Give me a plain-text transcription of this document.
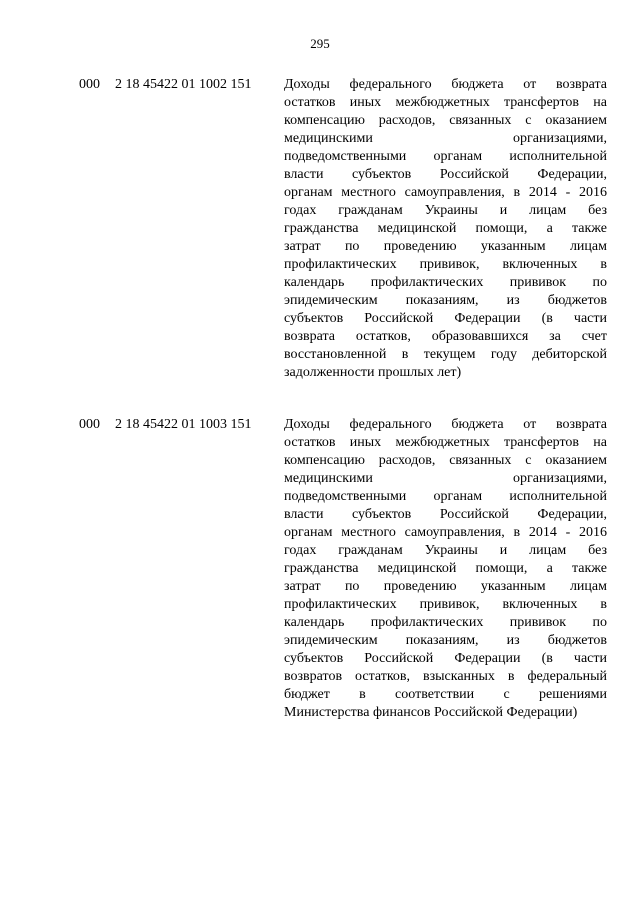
295
000 2 18 45422 01 1002 151 Доходы федерального бюджета от возврата
остатков иных межбюджетных трансфертов на
компенсацию расходов, связанных с оказанием
медицинскими организациями,
подведомственными органам исполнительной
власти субъектов Российской Федерации,
органам местного самоуправления, в 2014 - 2016
годах гражданам Украины и лицам без
гражданства медицинской помощи, а также
затрат по проведению указанным лицам
профилактических прививок, включенных в
календарь профилактических прививок по
эпидемическим показаниям, из бюджетов
субъектов Российской Федерации (в части
возврата остатков, образовавшихся за счет
восстановленной в текущем году дебиторской
задолженности прошлых лет)

000 2 18 45422 01 1003 151 Доходы федерального бюджета от возврата
остатков иных межбюджетных трансфертов на
компенсацию расходов, связанных с оказанием
медицинскими организациями,
подведомственными органам исполнительной
власти субъектов Российской Федерации,
органам местного самоуправления, в 2014 - 2016
годах гражданам Украины и лицам без
гражданства медицинской помощи, а также
затрат по проведению указанным лицам
профилактических прививок, включенных в
календарь профилактических прививок по
эпидемическим показаниям, из бюджетов
субъектов Российской Федерации (в части
возвратов остатков, взысканных в федеральный
бюджет в соответствии с решениями
Министерства финансов Российской Федерации)
